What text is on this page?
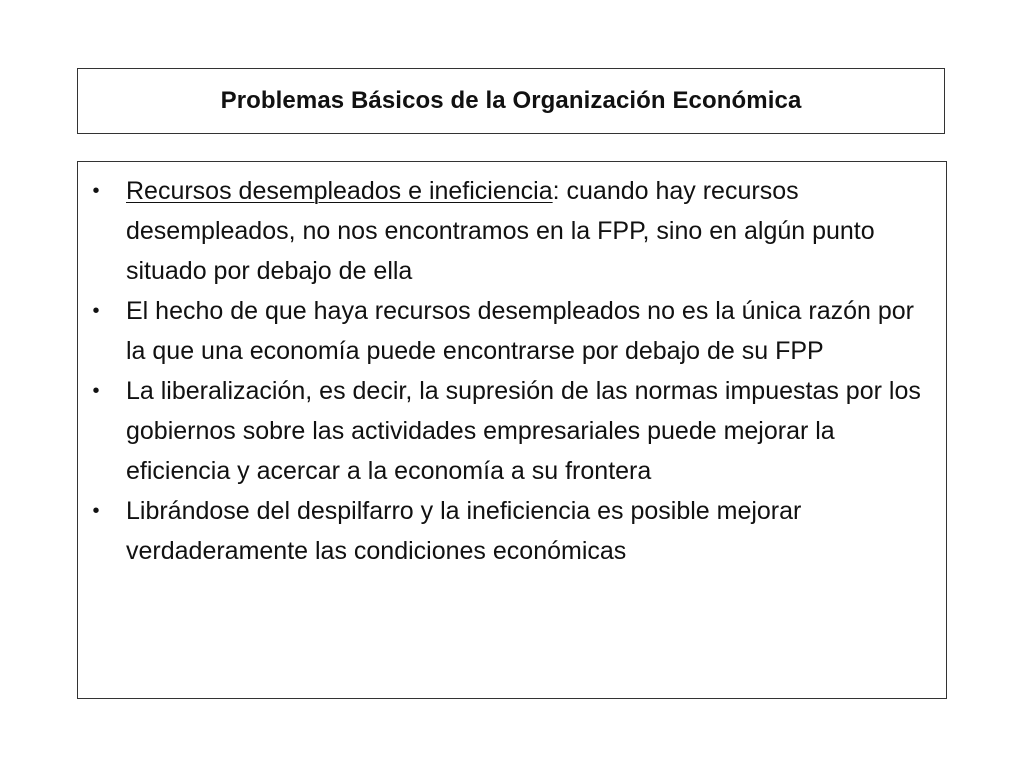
Problemas Básicos de la Organización Económica
• Recursos desempleados e ineficiencia: cuando hay recursos desempleados, no nos encontramos en la FPP, sino en algún punto situado por debajo de ella
• El hecho de que haya recursos desempleados no es la única razón por la que una economía puede encontrarse por debajo de su FPP
• La liberalización, es decir, la supresión de las normas impuestas por los gobiernos sobre las actividades empresariales puede mejorar la eficiencia y acercar a la economía a su frontera
• Librándose del despilfarro y la ineficiencia es posible mejorar verdaderamente las condiciones económicas
